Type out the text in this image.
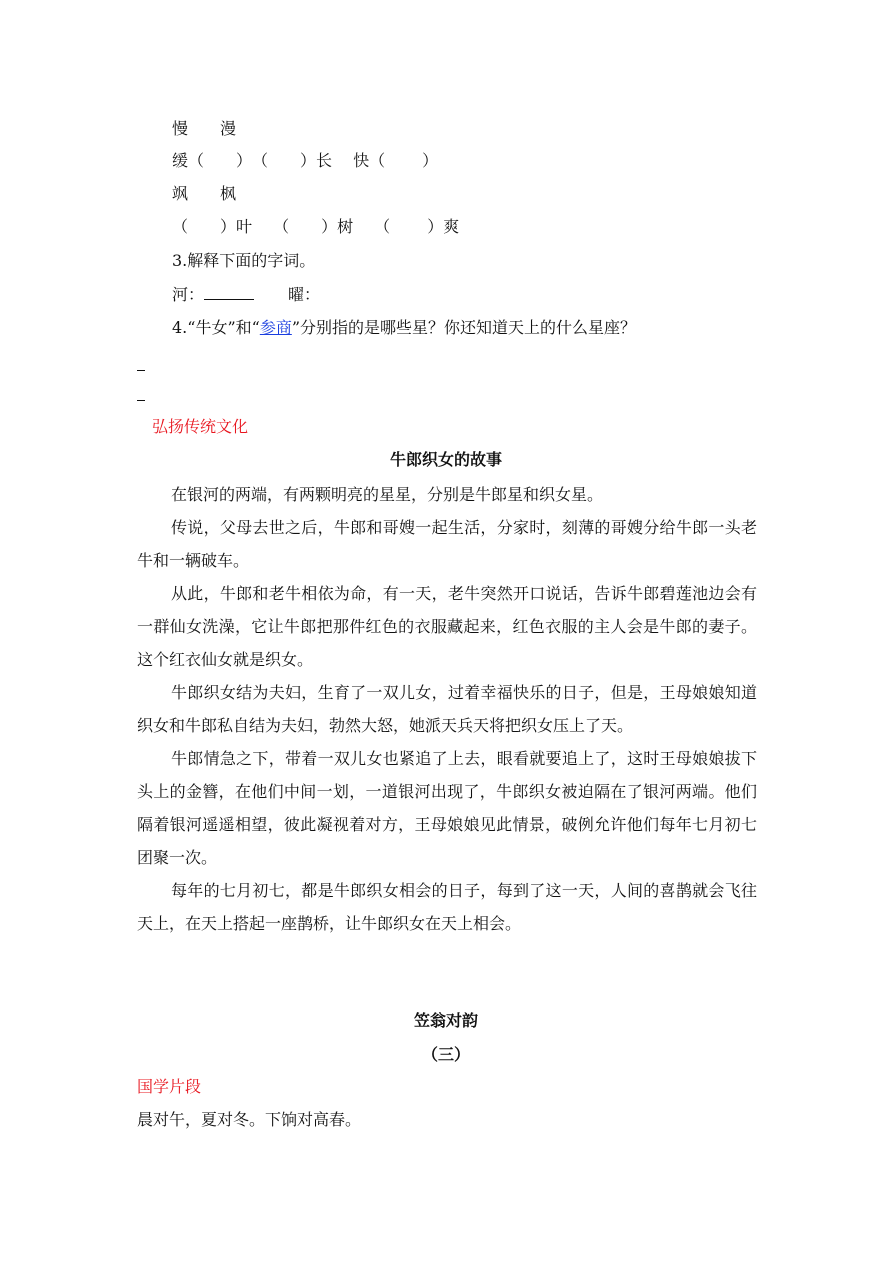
慢　　漫
缓（　　）　（　　）长　 快（　　 ）
飒　　枫
（　　）叶　 （　　）树　 （　　 ）爽
3.解释下面的字词。
河：	曜：
4.“牛女”和“参商”分别指的是哪些星？你还知道天上的什么星座？
弘扬传统文化
牛郎织女的故事
在银河的两端，有两颗明亮的星星，分别是牛郎星和织女星。
传说，父母去世之后，牛郎和哥嫂一起生活，分家时，刻薄的哥嫂分给牛郎一头老牛和一辆破车。
从此，牛郎和老牛相依为命，有一天，老牛突然开口说话，告诉牛郎碧莲池边会有一群仙女洗澡，它让牛郎把那件红色的衣服藏起来，红色衣服的主人会是牛郎的妻子。这个红衣仙女就是织女。
牛郎织女结为夫妇，生育了一双儿女，过着幸福快乐的日子，但是，王母娘娘知道织女和牛郎私自结为夫妇，勃然大怒，她派天兵天将把织女压上了天。
牛郎情急之下，带着一双儿女也紧追了上去，眼看就要追上了，这时王母娘娘拔下头上的金簪，在他们中间一划，一道银河出现了，牛郎织女被迫隔在了银河两端。他们隔着银河遥遥相望，彼此凝视着对方，王母娘娘见此情景，破例允许他们每年七月初七团聚一次。
每年的七月初七，都是牛郎织女相会的日子，每到了这一天，人间的喜鹊就会飞往天上，在天上搭起一座鹊桥，让牛郎织女在天上相会。
笠翁对韵
（三）
国学片段
晨对午，夏对冬。下饷对高春。
